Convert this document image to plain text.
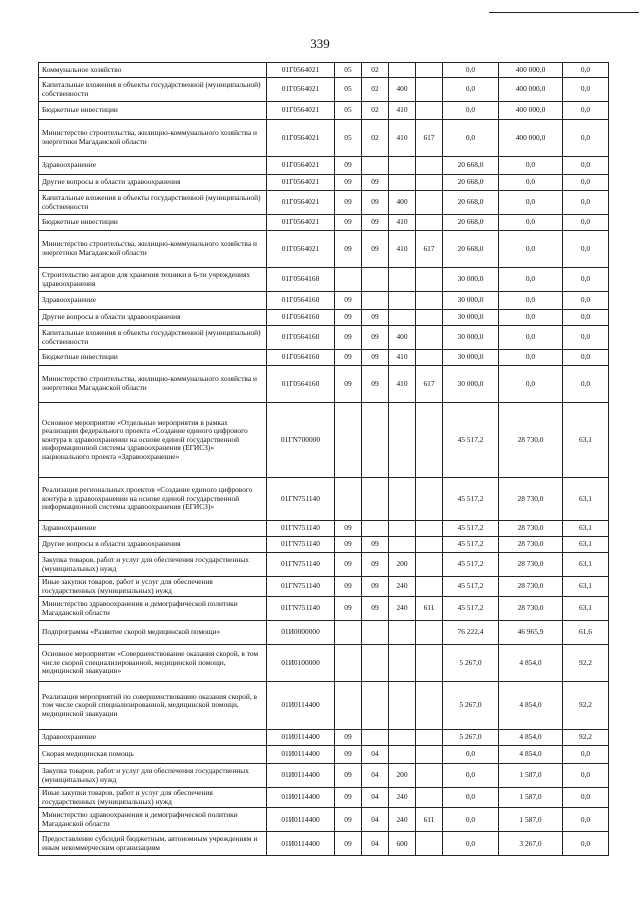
339
Коммунальное хозяйство	01Г0564021	05	02			0,0	400 000,0	0,0
Капитальные вложения в объекты государственной (муниципальной) собственности	01Г0564021	05	02	400		0,0	400 000,0	0,0
Бюджетные инвестиции	01Г0564021	05	02	410		0,0	400 000,0	0,0
Министерство строительства, жилищно-коммунального хозяйства и энергетики Магаданской области	01Г0564021	05	02	410	617	0,0	400 000,0	0,0
Здравоохранение	01Г0564021	09				20 668,0	0,0	0,0
Другие вопросы в области здравоохранения	01Г0564021	09	09			20 668,0	0,0	0,0
Капитальные вложения в объекты государственной (муниципальной) собственности	01Г0564021	09	09	400		20 668,0	0,0	0,0
Бюджетные инвестиции	01Г0564021	09	09	410		20 668,0	0,0	0,0
Министерство строительства, жилищно-коммунального хозяйства и энергетики Магаданской области	01Г0564021	09	09	410	617	20 668,0	0,0	0,0
Строительство ангаров для хранения техники в 6-ти учреждениях здравоохранения	01Г0564160					30 000,0	0,0	0,0
Здравоохранение	01Г0564160	09				30 000,0	0,0	0,0
Другие вопросы в области здравоохранения	01Г0564160	09	09			30 000,0	0,0	0,0
Капитальные вложения в объекты государственной (муниципальной) собственности	01Г0564160	09	09	400		30 000,0	0,0	0,0
Бюджетные инвестиции	01Г0564160	09	09	410		30 000,0	0,0	0,0
Министерство строительства, жилищно-коммунального хозяйства и энергетики Магаданской области	01Г0564160	09	09	410	617	30 000,0	0,0	0,0
Основное мероприятие «Отдельные мероприятия в рамках реализации федерального проекта «Создание единого цифрового контура в здравоохранении на основе единой государственной информационной системы здравоохранения (ЕГИСЗ)» национального проекта «Здравоохранение»	01ГN700000					45 517,2	28 730,0	63,1
Реализация региональных проектов «Создание единого цифрового контура в здравоохранении на основе единой государственной информационной системы здравоохранения (ЕГИСЗ)»	01ГN751140					45 517,2	28 730,0	63,1
Здравоохранение	01ГN751140	09				45 517,2	28 730,0	63,1
Другие вопросы в области здравоохранения	01ГN751140	09	09			45 517,2	28 730,0	63,1
Закупка товаров, работ и услуг для обеспечения государственных (муниципальных) нужд	01ГN751140	09	09	200		45 517,2	28 730,0	63,1
Иные закупки товаров, работ и услуг для обеспечения государственных (муниципальных) нужд	01ГN751140	09	09	240		45 517,2	28 730,0	63,1
Министерство здравоохранения и демографической политики Магаданской области	01ГN751140	09	09	240	611	45 517,2	28 730,0	63,1
Подпрограмма «Развитие скорой медицинской помощи»	01И0000000					76 222,4	46 965,9	61,6
Основное мероприятие «Совершенствование оказания скорой, в том числе скорой специализированной, медицинской помощи, медицинской эвакуации»	01И0100000					5 267,0	4 854,0	92,2
Реализация мероприятий по совершенствованию оказания скорой, в том числе скорой специализированной, медицинской помощи, медицинской эвакуации	01И0114400					5 267,0	4 854,0	92,2
Здравоохранение	01И0114400	09				5 267,0	4 854,0	92,2
Скорая медицинская помощь	01И0114400	09	04			0,0	4 854,0	0,0
Закупка товаров, работ и услуг для обеспечения государственных (муниципальных) нужд	01И0114400	09	04	200		0,0	1 587,0	0,0
Иные закупки товаров, работ и услуг для обеспечения государственных (муниципальных) нужд	01И0114400	09	04	240		0,0	1 587,0	0,0
Министерство здравоохранения и демографической политики Магаданской области	01И0114400	09	04	240	611	0,0	1 587,0	0,0
Предоставление субсидий бюджетным, автономным учреждениям и иным некоммерческим организациям	01И0114400	09	04	600		0,0	3 267,0	0,0
